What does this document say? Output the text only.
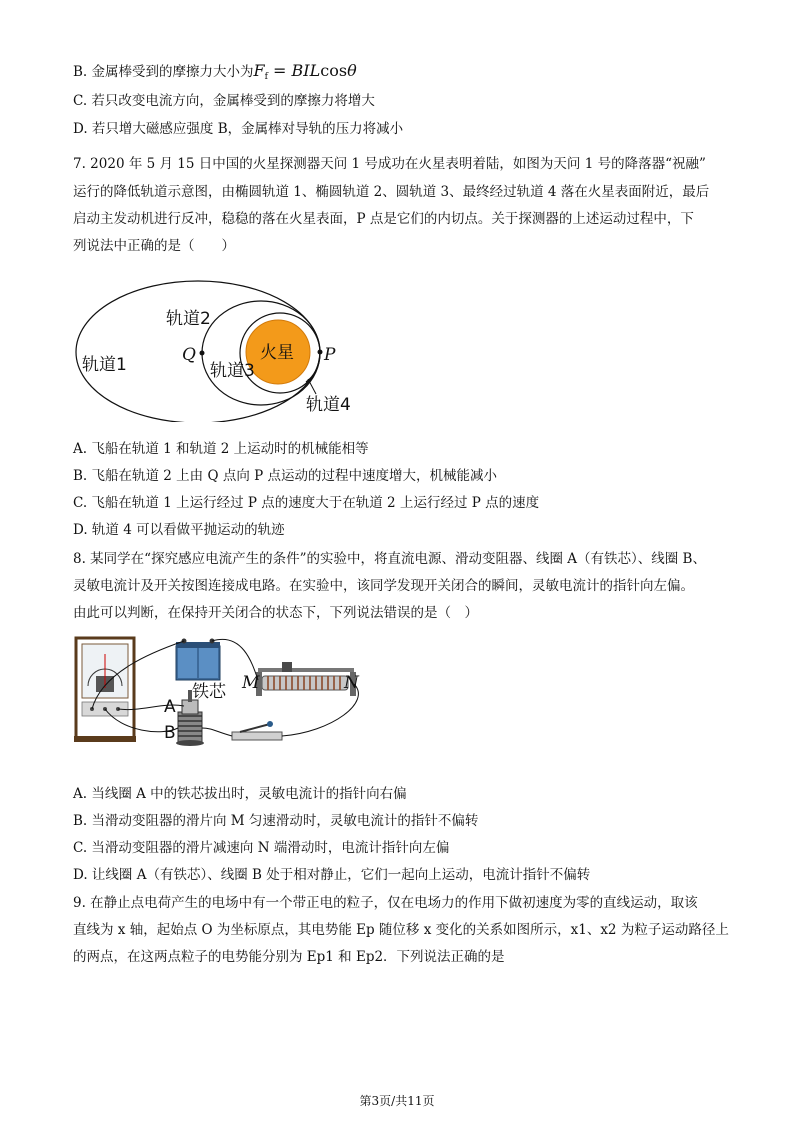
B. 金属棒受到的摩擦力大小为$F_f = BILcos\theta$
C. 若只改变电流方向，金属棒受到的摩擦力将增大
D. 若只增大磁感应强度 B，金属棒对导轨的压力将减小
7. 2020 年 5 月 15 日中国的火星探测器天问 1 号成功在火星表明着陆，如图为天问 1 号的降落器“祝融”
运行的降低轨道示意图，由椭圆轨道 1、椭圆轨道 2、圆轨道 3、最终经过轨道 4 落在火星表面附近，最后
启动主发动机进行反冲，稳稳的落在火星表面，P 点是它们的内切点。关于探测器的上述运动过程中，下
列说法中正确的是（　　）
轨道2
轨道1	轨道3
轨道4
火星
Q	P
A. 飞船在轨道 1 和轨道 2 上运动时的机械能相等
B. 飞船在轨道 2 上由 Q 点向 P 点运动的过程中速度增大，机械能减小
C. 飞船在轨道 1 上运行经过 P 点的速度大于在轨道 2 上运行经过 P 点的速度
D. 轨道 4 可以看做平抛运动的轨迹
8. 某同学在“探究感应电流产生的条件”的实验中，将直流电源、滑动变阻器、线圈 A（有铁芯）、线圈 B、
灵敏电流计及开关按图连接成电路。在实验中，该同学发现开关闭合的瞬间，灵敏电流计的指针向左偏。
由此可以判断，在保持开关闭合的状态下，下列说法错误的是（　）
铁芯
A
B
M	N
A. 当线圈 A 中的铁芯拔出时，灵敏电流计的指针向右偏
B. 当滑动变阻器的滑片向 M 匀速滑动时，灵敏电流计的指针不偏转
C. 当滑动变阻器的滑片减速向 N 端滑动时，电流计指针向左偏
D. 让线圈 A（有铁芯）、线圈 B 处于相对静止，它们一起向上运动，电流计指针不偏转
9. 在静止点电荷产生的电场中有一个带正电的粒子，仅在电场力的作用下做初速度为零的直线运动，取该
直线为 x 轴，起始点 O 为坐标原点，其电势能 Ep 随位移 x 变化的关系如图所示，x1、x2 为粒子运动路径上
的两点，在这两点粒子的电势能分别为 Ep1 和 Ep2．下列说法正确的是
第3页/共11页
